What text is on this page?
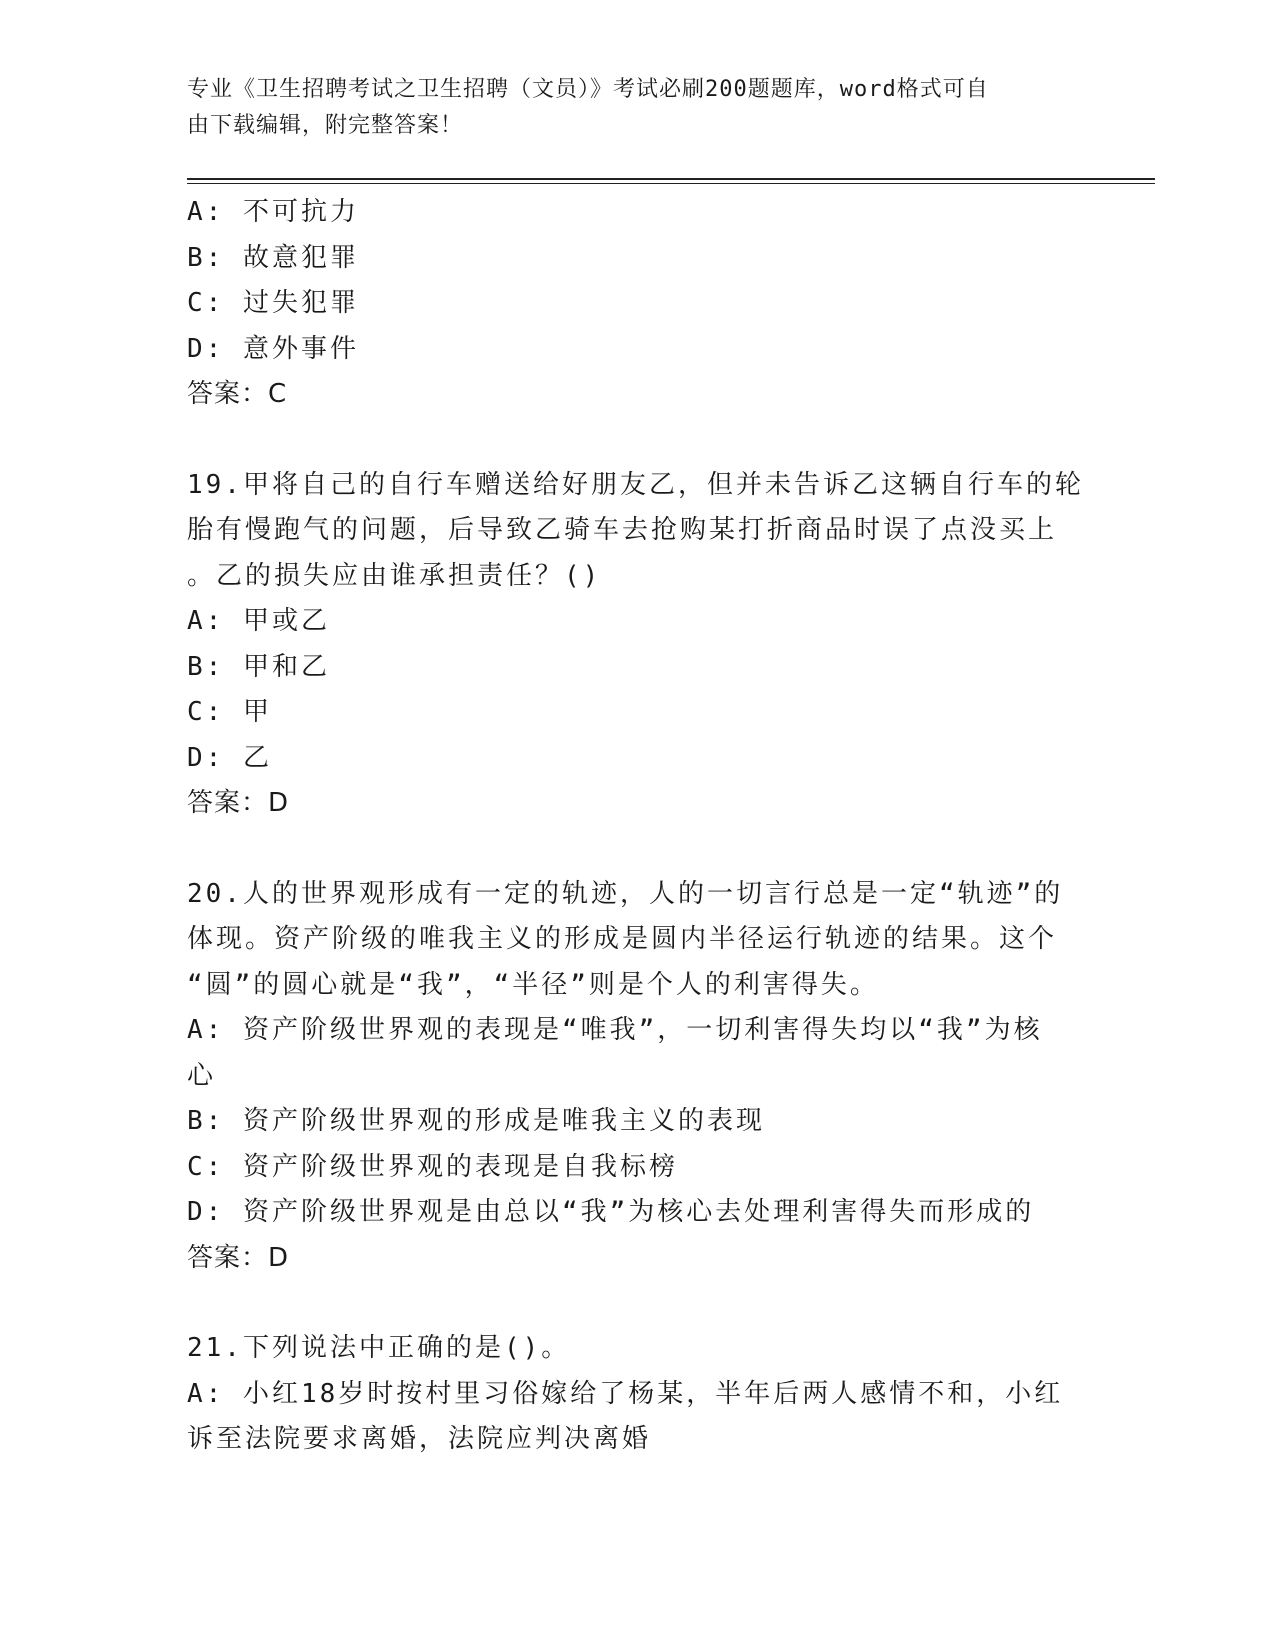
专业《卫生招聘考试之卫生招聘（文员）》考试必刷200题题库，word格式可自
由下载编辑，附完整答案！
A: 不可抗力
B: 故意犯罪
C: 过失犯罪
D: 意外事件
答案：C
19.甲将自己的自行车赠送给好朋友乙，但并未告诉乙这辆自行车的轮
胎有慢跑气的问题，后导致乙骑车去抢购某打折商品时误了点没买上
。乙的损失应由谁承担责任？()
A: 甲或乙
B: 甲和乙
C: 甲
D: 乙
答案：D
20.人的世界观形成有一定的轨迹，人的一切言行总是一定“轨迹”的
体现。资产阶级的唯我主义的形成是圆内半径运行轨迹的结果。这个
“圆”的圆心就是“我”，“半径”则是个人的利害得失。
A: 资产阶级世界观的表现是“唯我”，一切利害得失均以“我”为核
心
B: 资产阶级世界观的形成是唯我主义的表现
C: 资产阶级世界观的表现是自我标榜
D: 资产阶级世界观是由总以“我”为核心去处理利害得失而形成的
答案：D
21.下列说法中正确的是()。
A: 小红18岁时按村里习俗嫁给了杨某，半年后两人感情不和，小红
诉至法院要求离婚，法院应判决离婚
